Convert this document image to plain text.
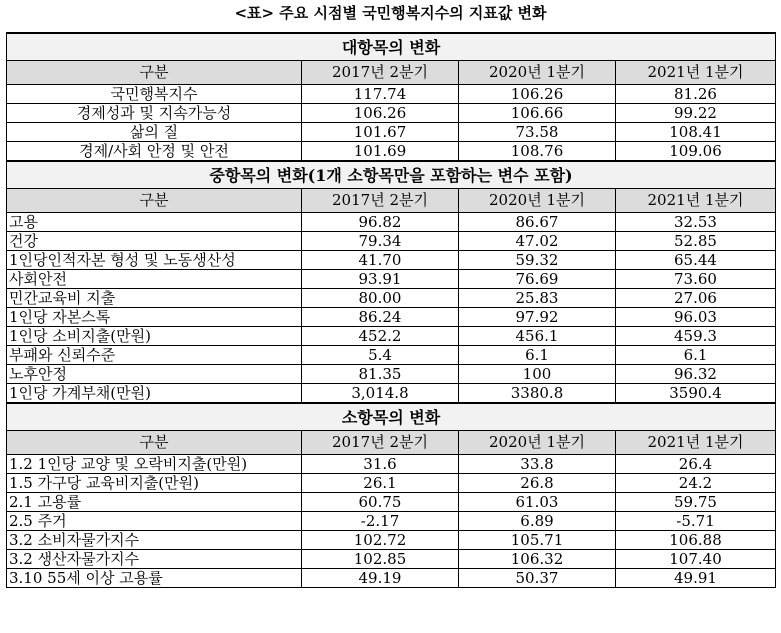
<표> 주요 시점별 국민행복지수의 지표값 변화
대항목의 변화			
구분	2017년 2분기	2020년 1분기	2021년 1분기
국민행복지수	117.74	106.26	81.26
경제성과 및 지속가능성	106.26	106.66	99.22
삶의 질	101.67	73.58	108.41
경제/사회 안정 및 안전	101.69	108.76	109.06
중항목의 변화(1개 소항목만을 포함하는 변수 포함)			
구분	2017년 2분기	2020년 1분기	2021년 1분기
고용	96.82	86.67	32.53
건강	79.34	47.02	52.85
1인당인적자본 형성 및 노동생산성	41.70	59.32	65.44
사회안전	93.91	76.69	73.60
민간교육비 지출	80.00	25.83	27.06
1인당 자본스톡	86.24	97.92	96.03
1인당 소비지출(만원)	452.2	456.1	459.3
부패와 신뢰수준	5.4	6.1	6.1
노후안정	81.35	100	96.32
1인당 가계부채(만원)	3,014.8	3380.8	3590.4
소항목의 변화			
구분	2017년 2분기	2020년 1분기	2021년 1분기
1.2 1인당 교양 및 오락비지출(만원)	31.6	33.8	26.4
1.5 가구당 교육비지출(만원)	26.1	26.8	24.2
2.1 고용률	60.75	61.03	59.75
2.5 주거	-2.17	6.89	-5.71
3.2 소비자물가지수	102.72	105.71	106.88
3.2 생산자물가지수	102.85	106.32	107.40
3.10 55세 이상 고용률	49.19	50.37	49.91
